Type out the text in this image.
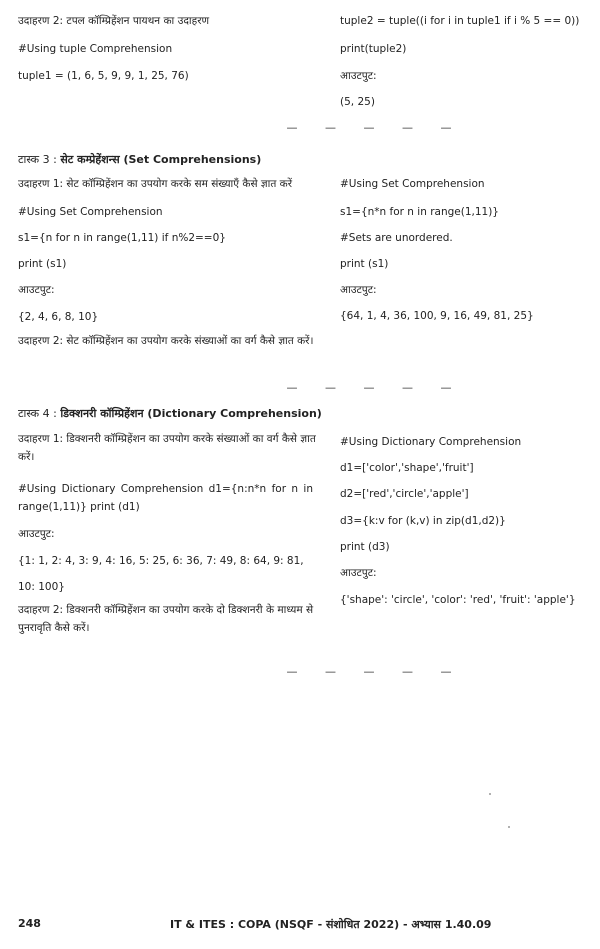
उदाहरण 2: टपल कॉम्प्रिहेंशन पायथन का उदाहरण
#Using tuple Comprehension
tuple1 = (1, 6, 5, 9, 9, 1, 25, 76)
tuple2 = tuple((i for i in tuple1 if i % 5 == 0))
print(tuple2)
आउटपुट:
(5, 25)
— — — — —
टास्क 3 : सेट कम्प्रेहेंशन्स (Set Comprehensions)
उदाहरण 1: सेट कॉम्प्रिहेंशन का उपयोग करके सम संख्याएँ कैसे ज्ञात करें
#Using Set Comprehension
s1={n for n in range(1,11) if n%2==0}
print (s1)
आउटपुट:
{2, 4, 6, 8, 10}
उदाहरण 2: सेट कॉम्प्रिहेंशन का उपयोग करके संख्याओं का वर्ग कैसे ज्ञात करें।
#Using Set Comprehension
s1={n*n for n in range(1,11)}
#Sets are unordered.
print (s1)
आउटपुट:
{64, 1, 4, 36, 100, 9, 16, 49, 81, 25}
— — — — —
टास्क 4 : डिक्शनरी कॉम्प्रिहेंशन (Dictionary Comprehension)
उदाहरण 1: डिक्शनरी कॉम्प्रिहेंशन का उपयोग करके संख्याओं का वर्ग कैसे ज्ञात करें।
#Using Dictionary Comprehension d1={n:n*n for n in range(1,11)} print (d1)
आउटपुट:
{1: 1, 2: 4, 3: 9, 4: 16, 5: 25, 6: 36, 7: 49, 8: 64, 9: 81,
10: 100}
उदाहरण 2: डिक्शनरी कॉम्प्रिहेंशन का उपयोग करके दो डिक्शनरी के माध्यम से पुनरावृति कैसे करें।
#Using Dictionary Comprehension
d1=['color','shape','fruit']
d2=['red','circle','apple']
d3={k:v for (k,v) in zip(d1,d2)}
print (d3)
आउटपुट:
{'shape': 'circle', 'color': 'red', 'fruit': 'apple'}
— — — — —
248	IT & ITES : COPA (NSQF - संशोधित 2022) - अभ्यास 1.40.09
